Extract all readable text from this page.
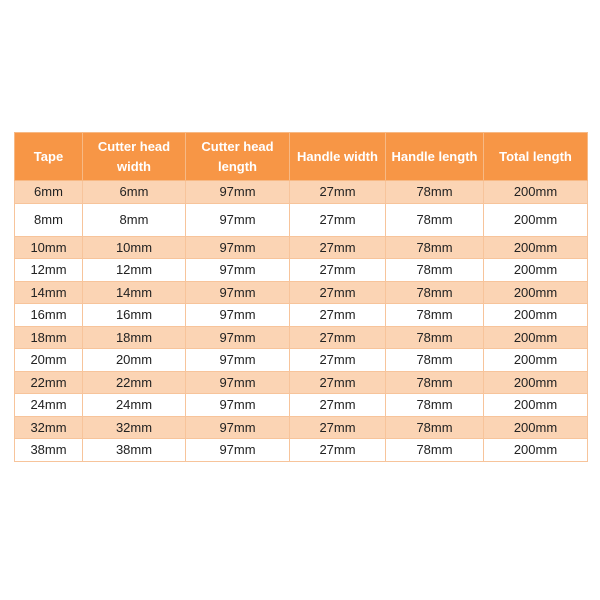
Tape	Cutter head width	Cutter head length	Handle width	Handle length	Total length
6mm	6mm	97mm	27mm	78mm	200mm
8mm	8mm	97mm	27mm	78mm	200mm
10mm	10mm	97mm	27mm	78mm	200mm
12mm	12mm	97mm	27mm	78mm	200mm
14mm	14mm	97mm	27mm	78mm	200mm
16mm	16mm	97mm	27mm	78mm	200mm
18mm	18mm	97mm	27mm	78mm	200mm
20mm	20mm	97mm	27mm	78mm	200mm
22mm	22mm	97mm	27mm	78mm	200mm
24mm	24mm	97mm	27mm	78mm	200mm
32mm	32mm	97mm	27mm	78mm	200mm
38mm	38mm	97mm	27mm	78mm	200mm
